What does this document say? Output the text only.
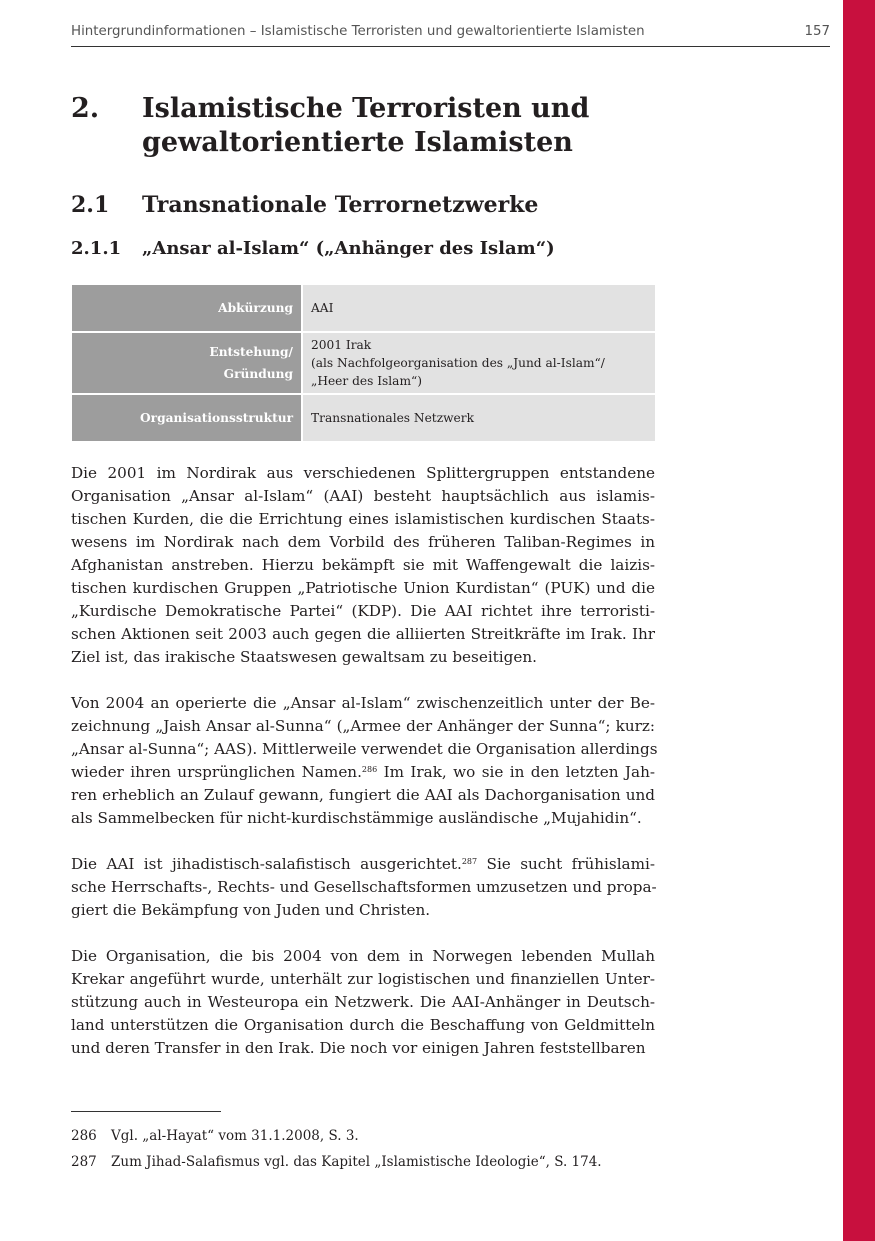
Hintergrundinformationen – Islamistische Terroristen und gewaltorientierte Islamisten	157
2. Islamistische Terroristen und
gewaltorientierte Islamisten
2.1 Transnationale Terrornetzwerke
2.1.1 „Ansar al-Islam“ („Anhänger des Islam“)
Abkürzung AAI
Entstehung/
Gründung
2001 Irak
(als Nachfolgeorganisation des „Jund al-Islam“/
„Heer des Islam“)
Organisationsstruktur Transnationales Netzwerk
Die 2001 im Nordirak aus verschiedenen Splittergruppen entstandene
Organisation „Ansar al-Islam“ (AAI) besteht hauptsächlich aus islamis-
tischen Kurden, die die Errichtung eines islamistischen kurdischen Staats-
wesens im Nordirak nach dem Vorbild des früheren Taliban-Regimes in
Afghanistan anstreben. Hierzu bekämpft sie mit Waffengewalt die laizis-
tischen kurdischen Gruppen „Patriotische Union Kurdistan“ (PUK) und die
„Kurdische Demokratische Partei“ (KDP). Die AAI richtet ihre terroristi-
schen Aktionen seit 2003 auch gegen die alliierten Streitkräfte im Irak. Ihr
Ziel ist, das irakische Staatswesen gewaltsam zu beseitigen.
Von 2004 an operierte die „Ansar al-Islam“ zwischenzeitlich unter der Be-
zeichnung „Jaish Ansar al-Sunna“ („Armee der Anhänger der Sunna“; kurz:
„Ansar al-Sunna“; AAS). Mittlerweile verwendet die Organisation allerdings
wieder ihren ursprünglichen Namen.$^{286}$ Im Irak, wo sie in den letzten Jah-
ren erheblich an Zulauf gewann, fungiert die AAI als Dachorganisation und
als Sammelbecken für nicht-kurdischstämmige ausländische „Mujahidin“.
Die AAI ist jihadistisch-salafistisch ausgerichtet.$^{287}$ Sie sucht frühislami-
sche Herrschafts-, Rechts- und Gesellschaftsformen umzusetzen und propa-
giert die Bekämpfung von Juden und Christen.
Die Organisation, die bis 2004 von dem in Norwegen lebenden Mullah
Krekar angeführt wurde, unterhält zur logistischen und finanziellen Unter-
stützung auch in Westeuropa ein Netzwerk. Die AAI-Anhänger in Deutsch-
land unterstützen die Organisation durch die Beschaffung von Geldmitteln
und deren Transfer in den Irak. Die noch vor einigen Jahren feststellbaren
286 Vgl. „al-Hayat“ vom 31.1.2008, S. 3.
287 Zum Jihad-Salafismus vgl. das Kapitel „Islamistische Ideologie“, S. 174.
